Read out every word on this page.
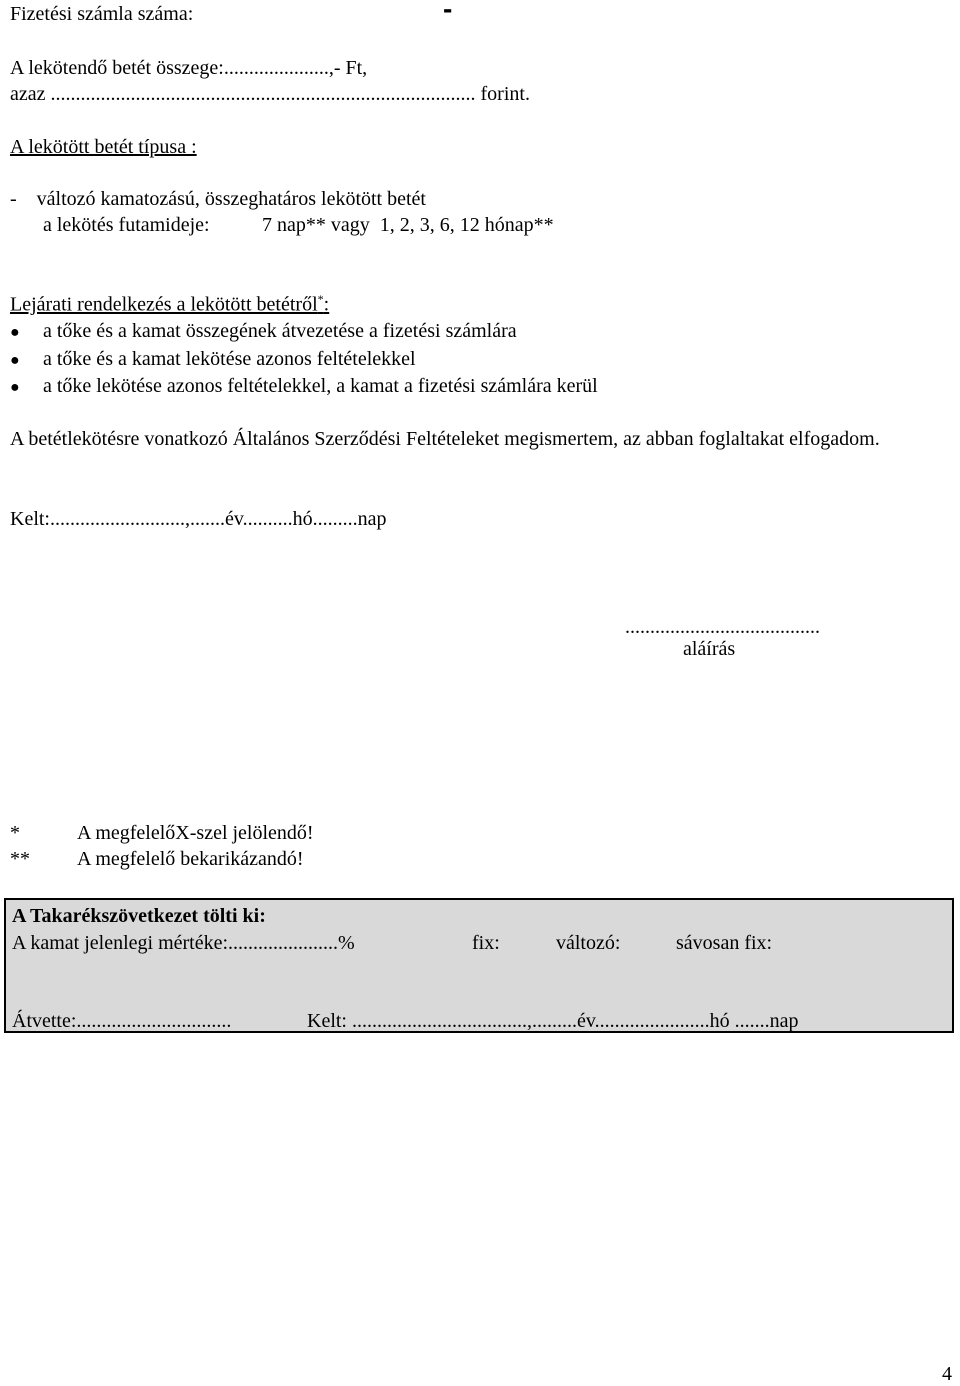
Fizetési számla száma:	-
A lekötendő betét összege:.....................,- Ft,
azaz ..................................................................................... forint.
A lekötött betét típusa :
-    változó kamatozású, összeghatáros lekötött betét
a lekötés futamideje:	7 nap** vagy  1, 2, 3, 6, 12 hónap**
Lejárati rendelkezés a lekötött betétről*:
● a tőke és a kamat összegének átvezetése a fizetési számlára
● a tőke és a kamat lekötése azonos feltételekkel
● a tőke lekötése azonos feltételekkel, a kamat a fizetési számlára kerül
A betétlekötésre vonatkozó Általános Szerződési Feltételeket megismertem, az abban foglaltakat elfogadom.
Kelt:...........................,.......év..........hó.........nap
.......................................
aláírás
*	A megfelelőX-szel jelölendő!
** A megfelelő bekarikázandó!
A Takarékszövetkezet tölti ki:
A kamat jelenlegi mértéke:......................%	fix:	változó:	sávosan fix:
Átvette:...............................	Kelt: ...................................,.........év.......................hó .......nap
4
